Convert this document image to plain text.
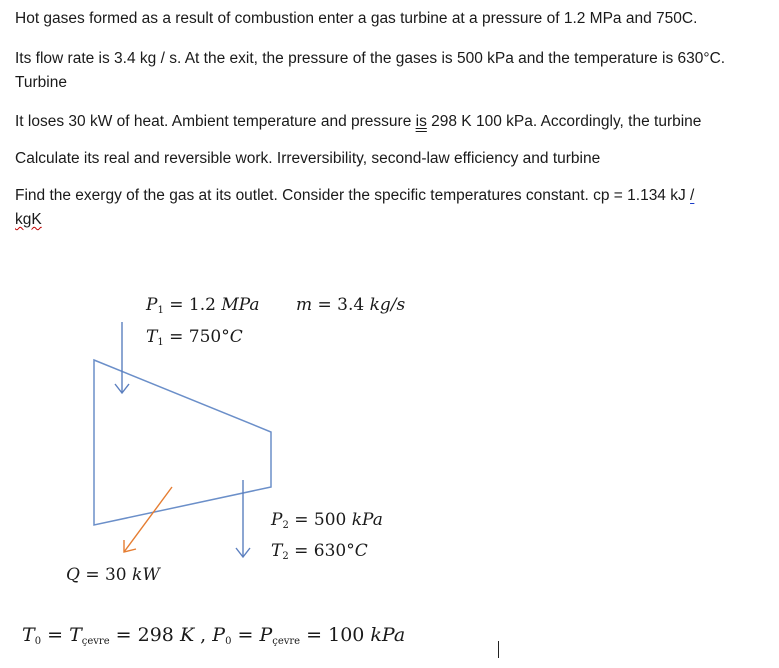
Hot gases formed as a result of combustion enter a gas turbine at a pressure of 1.2 MPa and 750C.

Its flow rate is 3.4 kg / s. At the exit, the pressure of the gases is 500 kPa and the temperature is 630°C. Turbine

It loses 30 kW of heat. Ambient temperature and pressure is 298 K 100 kPa. Accordingly, the turbine

Calculate its real and reversible work. Irreversibility, second-law efficiency and turbine

Find the exergy of the gas at its outlet. Consider the specific temperatures constant. cp = 1.134 kJ /
kgK

$P_1 = 1.2$ MPa m = 3.4 kg/s
$T_1 = 750^\circ C$
$P_2 = 500$ kPa
$T_2 = 630^\circ C$
Q = 30 kW
$T_0 = T_{çevre} = 298$ K , $P_0 = P_{çevre} = 100$ kPa
